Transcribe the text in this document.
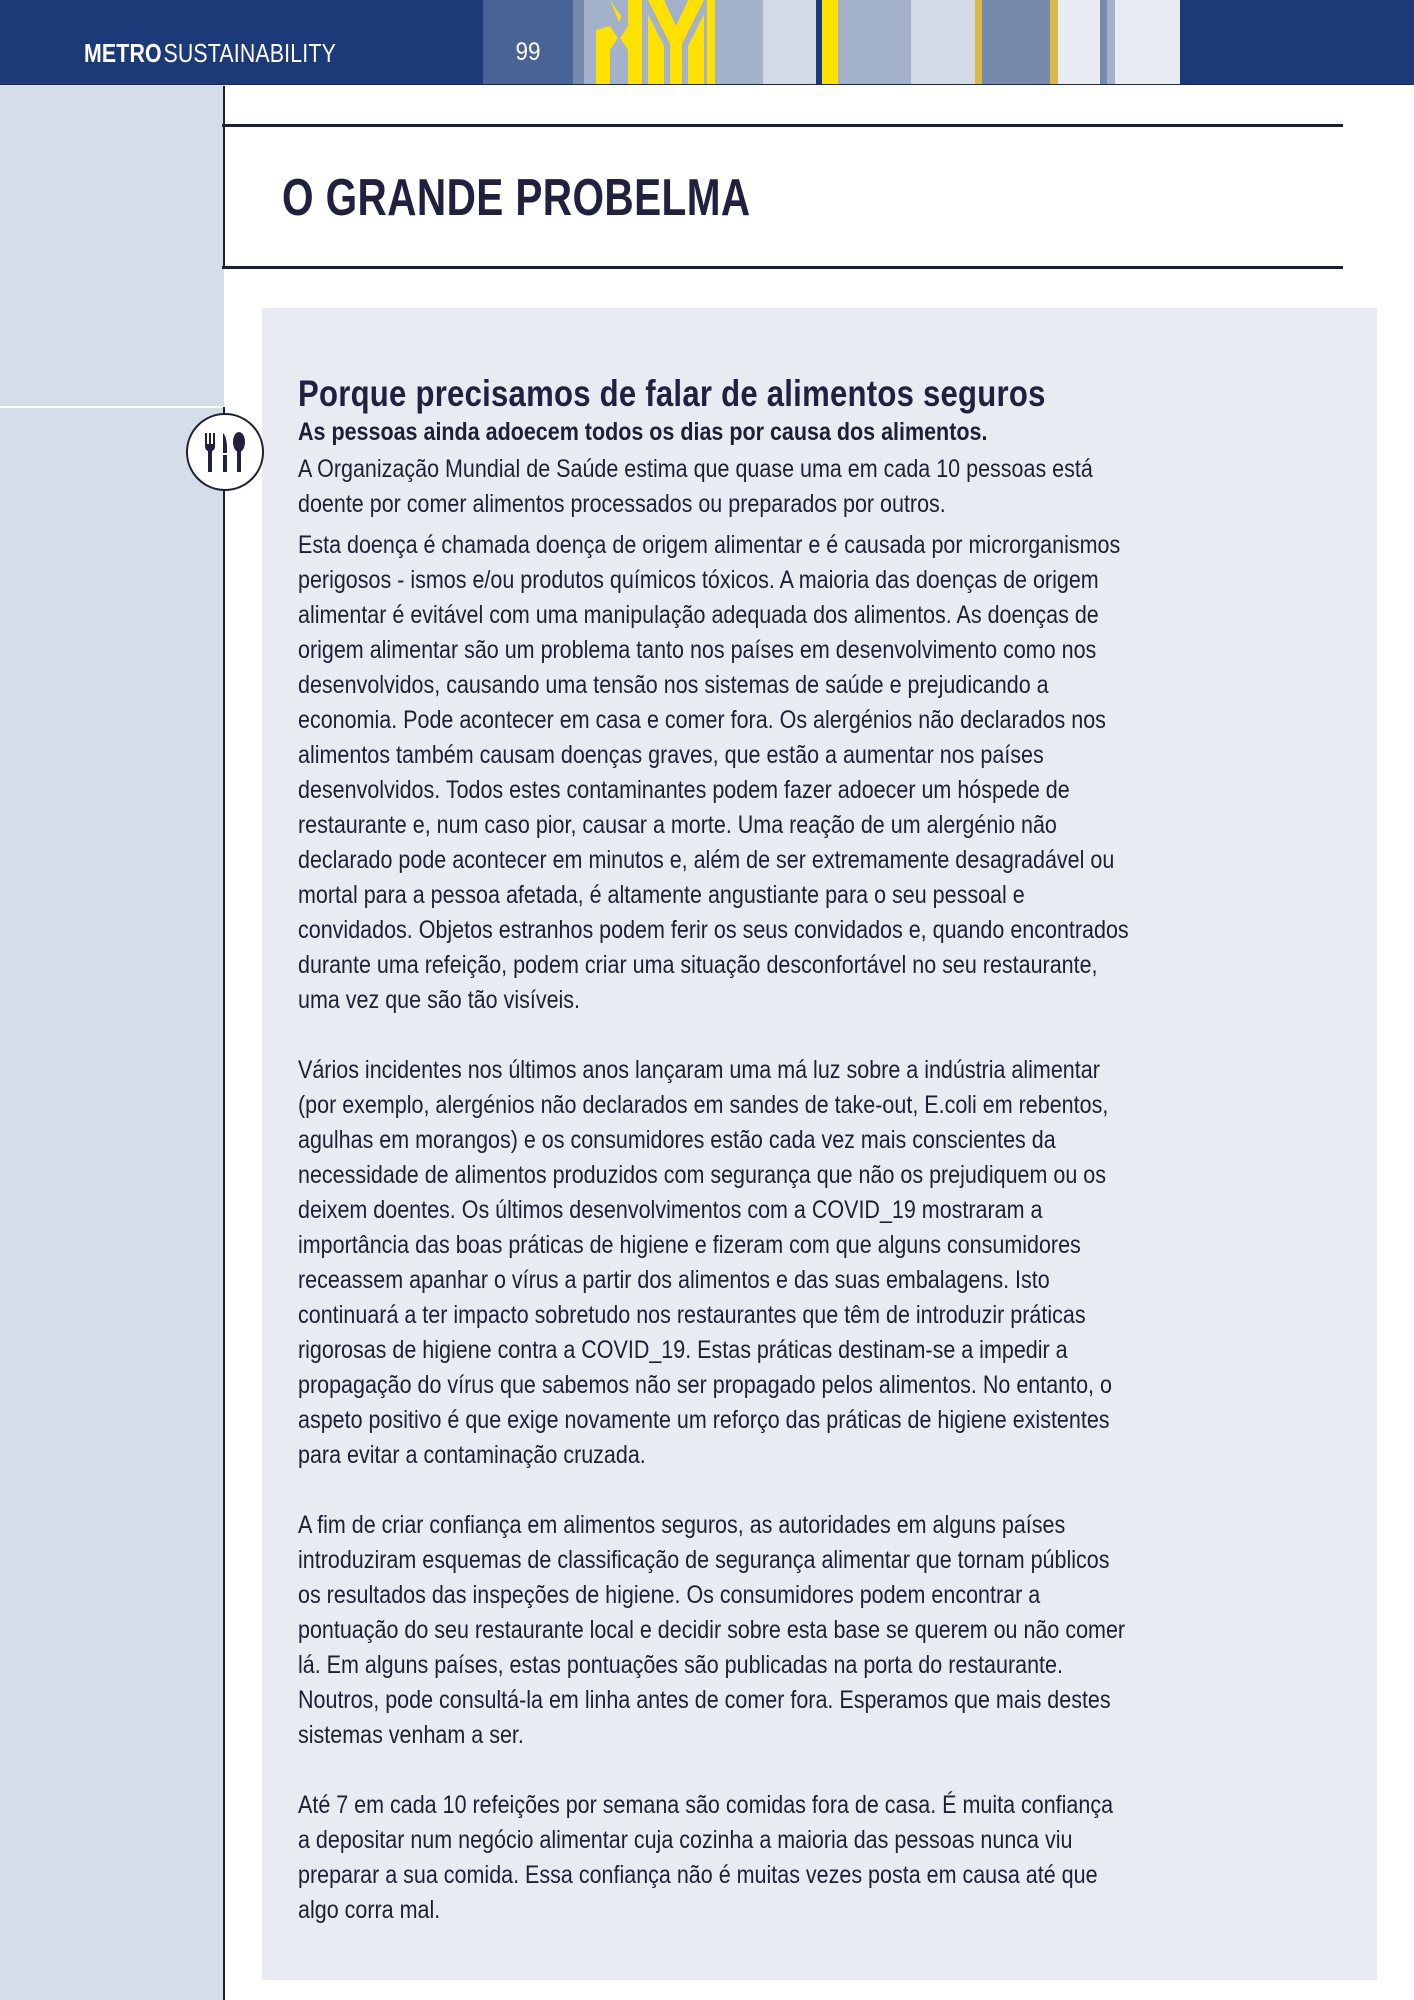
METRO SUSTAINABILITY	99
O GRANDE PROBELMA
Porque precisamos de falar de alimentos seguros

As pessoas ainda adoecem todos os dias por causa dos alimentos.

A Organização Mundial de Saúde estima que quase uma em cada 10 pessoas está
doente por comer alimentos processados ou preparados por outros.

Esta doença é chamada doença de origem alimentar e é causada por microrganismos
perigosos - ismos e/ou produtos químicos tóxicos. A maioria das doenças de origem
alimentar é evitável com uma manipulação adequada dos alimentos. As doenças de
origem alimentar são um problema tanto nos países em desenvolvimento como nos
desenvolvidos, causando uma tensão nos sistemas de saúde e prejudicando a
economia. Pode acontecer em casa e comer fora. Os alergénios não declarados nos
alimentos também causam doenças graves, que estão a aumentar nos países
desenvolvidos. Todos estes contaminantes podem fazer adoecer um hóspede de
restaurante e, num caso pior, causar a morte. Uma reação de um alergénio não
declarado pode acontecer em minutos e, além de ser extremamente desagradável ou
mortal para a pessoa afetada, é altamente angustiante para o seu pessoal e
convidados. Objetos estranhos podem ferir os seus convidados e, quando encontrados
durante uma refeição, podem criar uma situação desconfortável no seu restaurante,
uma vez que são tão visíveis.

Vários incidentes nos últimos anos lançaram uma má luz sobre a indústria alimentar
(por exemplo, alergénios não declarados em sandes de take-out, E.coli em rebentos,
agulhas em morangos) e os consumidores estão cada vez mais conscientes da
necessidade de alimentos produzidos com segurança que não os prejudiquem ou os
deixem doentes. Os últimos desenvolvimentos com a COVID_19 mostraram a
importância das boas práticas de higiene e fizeram com que alguns consumidores
receassem apanhar o vírus a partir dos alimentos e das suas embalagens. Isto
continuará a ter impacto sobretudo nos restaurantes que têm de introduzir práticas
rigorosas de higiene contra a COVID_19. Estas práticas destinam-se a impedir a
propagação do vírus que sabemos não ser propagado pelos alimentos. No entanto, o
aspeto positivo é que exige novamente um reforço das práticas de higiene existentes
para evitar a contaminação cruzada.

A fim de criar confiança em alimentos seguros, as autoridades em alguns países
introduziram esquemas de classificação de segurança alimentar que tornam públicos
os resultados das inspeções de higiene. Os consumidores podem encontrar a
pontuação do seu restaurante local e decidir sobre esta base se querem ou não comer
lá. Em alguns países, estas pontuações são publicadas na porta do restaurante.
Noutros, pode consultá-la em linha antes de comer fora. Esperamos que mais destes
sistemas venham a ser.

Até 7 em cada 10 refeições por semana são comidas fora de casa. É muita confiança
a depositar num negócio alimentar cuja cozinha a maioria das pessoas nunca viu
preparar a sua comida. Essa confiança não é muitas vezes posta em causa até que
algo corra mal.
